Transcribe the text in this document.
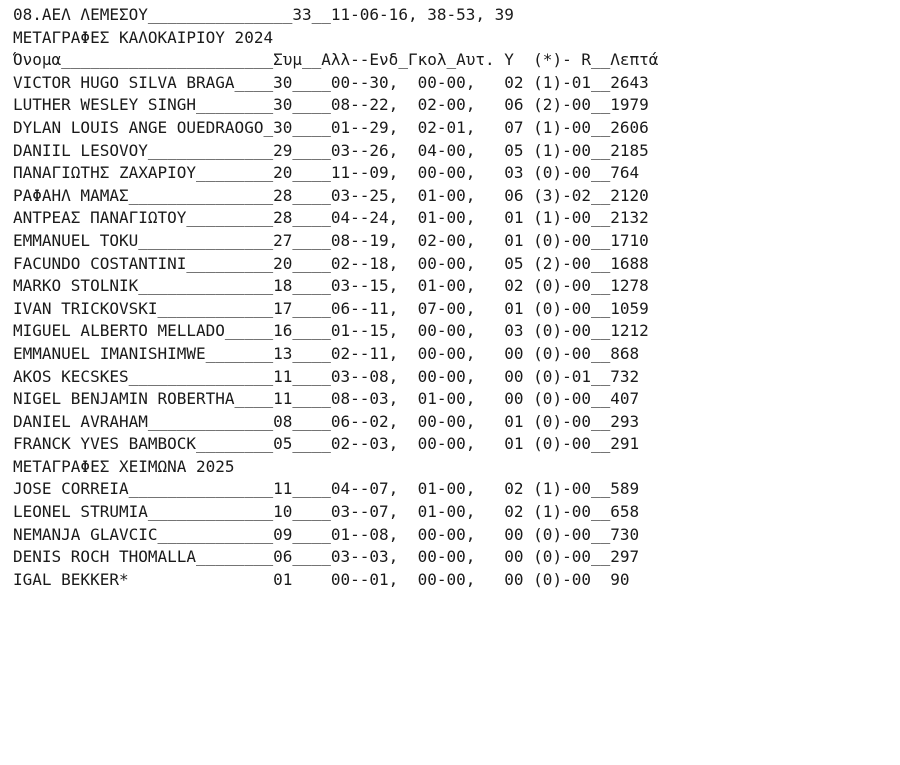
08.ΑΕΛ ΛΕΜΕΣΟΥ_______________33__11-06-16, 38-53, 39
ΜΕΤΑΓΡΑΦΕΣ ΚΑΛΟΚΑΙΡΙΟΥ 2024
Όνομα______________________Συμ__Αλλ--Ενδ_Γκολ_Αυτ. Υ  (*)- R__Λεπτά
VICTOR HUGO SILVA BRAGA____30____00--30,  00-00,   02 (1)-01__2643
LUTHER WESLEY SINGH________30____08--22,  02-00,   06 (2)-00__1979
DYLAN LOUIS ANGE OUEDRAOGO_30____01--29,  02-01,   07 (1)-00__2606
DANIIL LESOVOY_____________29____03--26,  04-00,   05 (1)-00__2185
ΠΑΝΑΓΙΩΤΗΣ ΖΑΧΑΡΙΟΥ________20____11--09,  00-00,   03 (0)-00__764
ΡΑΦΑΗΛ ΜΑΜΑΣ_______________28____03--25,  01-00,   06 (3)-02__2120
ΑΝΤΡΕΑΣ ΠΑΝΑΓΙΩΤΟΥ_________28____04--24,  01-00,   01 (1)-00__2132
EMMANUEL TOKU______________27____08--19,  02-00,   01 (0)-00__1710
FACUNDO COSTANTINI_________20____02--18,  00-00,   05 (2)-00__1688
MARKO STOLNIK______________18____03--15,  01-00,   02 (0)-00__1278
IVAN TRICKOVSKI____________17____06--11,  07-00,   01 (0)-00__1059
MIGUEL ALBERTO MELLADO_____16____01--15,  00-00,   03 (0)-00__1212
EMMANUEL IMANISHIMWE_______13____02--11,  00-00,   00 (0)-00__868
AKOS KECSKES_______________11____03--08,  00-00,   00 (0)-01__732
NIGEL BENJAMIN ROBERTHA____11____08--03,  01-00,   00 (0)-00__407
DANIEL AVRAHAM_____________08____06--02,  00-00,   01 (0)-00__293
FRANCK YVES BAMBOCK________05____02--03,  00-00,   01 (0)-00__291
ΜΕΤΑΓΡΑΦΕΣ ΧΕΙΜΩΝΑ 2025
JOSE CORREIA_______________11____04--07,  01-00,   02 (1)-00__589
LEONEL STRUMIA_____________10____03--07,  01-00,   02 (1)-00__658
NEMANJA GLAVCIC____________09____01--08,  00-00,   00 (0)-00__730
DENIS ROCH THOMALLA________06____03--03,  00-00,   00 (0)-00__297
IGAL BEKKER*               01    00--01,  00-00,   00 (0)-00  90
